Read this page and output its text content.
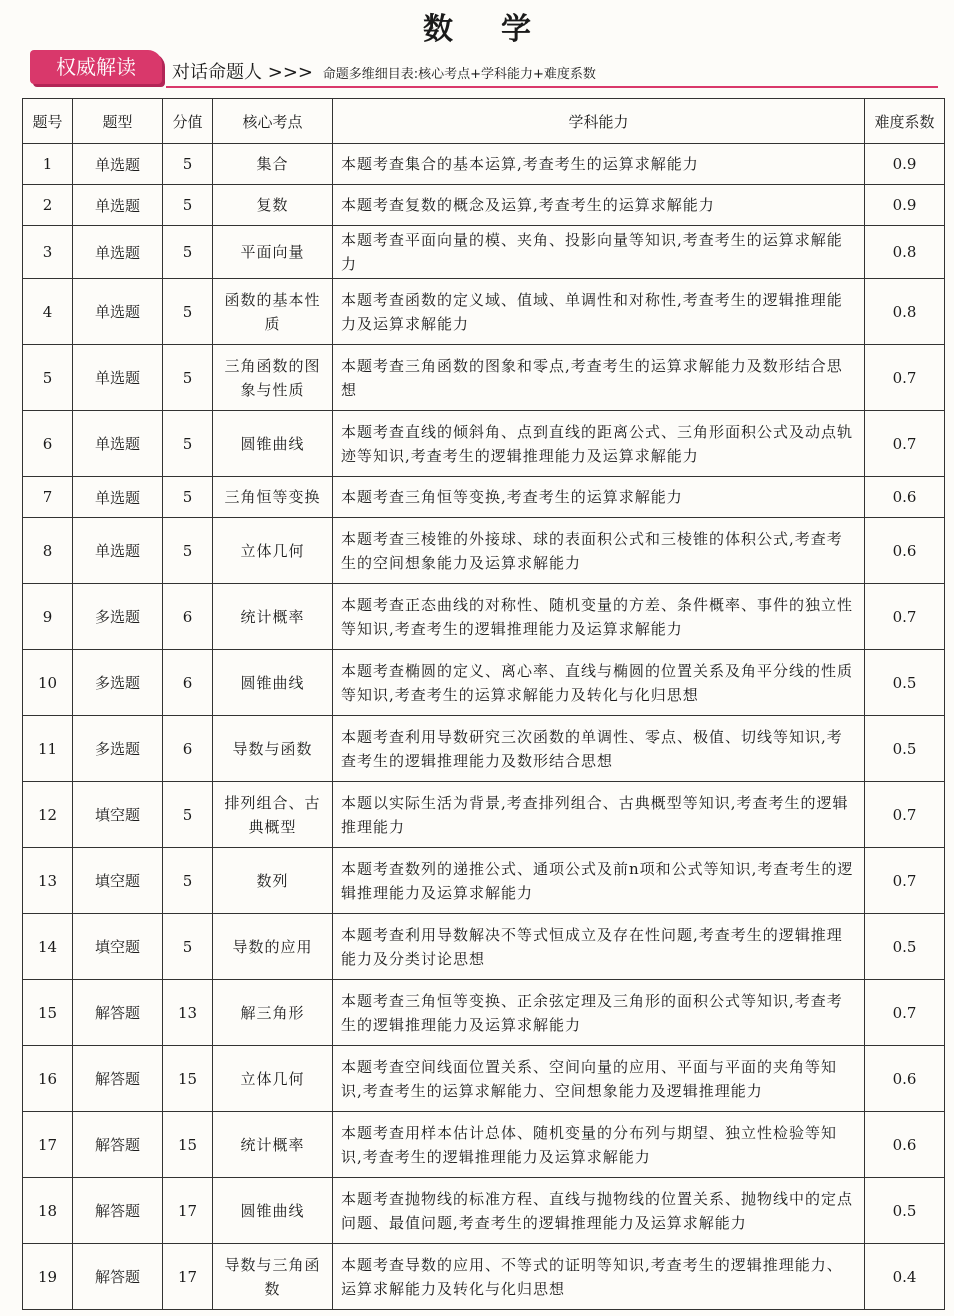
数学
权威解读	对话命题人 >>> 命题多维细目表:核心考点+学科能力+难度系数
题号	题型	分值	核心考点	学科能力	难度系数
1	单选题	5	集合	本题考查集合的基本运算,考查考生的运算求解能力	0.9
2	单选题	5	复数	本题考查复数的概念及运算,考查考生的运算求解能力	0.9
3	单选题	5	平面向量	本题考查平面向量的模、夹角、投影向量等知识,考查考生的运算求解能力	0.8
4	单选题	5	函数的基本性质	本题考查函数的定义域、值域、单调性和对称性,考查考生的逻辑推理能力及运算求解能力	0.8
5	单选题	5	三角函数的图象与性质	本题考查三角函数的图象和零点,考查考生的运算求解能力及数形结合思想	0.7
6	单选题	5	圆锥曲线	本题考查直线的倾斜角、点到直线的距离公式、三角形面积公式及动点轨迹等知识,考查考生的逻辑推理能力及运算求解能力	0.7
7	单选题	5	三角恒等变换	本题考查三角恒等变换,考查考生的运算求解能力	0.6
8	单选题	5	立体几何	本题考查三棱锥的外接球、球的表面积公式和三棱锥的体积公式,考查考生的空间想象能力及运算求解能力	0.6
9	多选题	6	统计概率	本题考查正态曲线的对称性、随机变量的方差、条件概率、事件的独立性等知识,考查考生的逻辑推理能力及运算求解能力	0.7
10	多选题	6	圆锥曲线	本题考查椭圆的定义、离心率、直线与椭圆的位置关系及角平分线的性质等知识,考查考生的运算求解能力及转化与化归思想	0.5
11	多选题	6	导数与函数	本题考查利用导数研究三次函数的单调性、零点、极值、切线等知识,考查考生的逻辑推理能力及数形结合思想	0.5
12	填空题	5	排列组合、古典概型	本题以实际生活为背景,考查排列组合、古典概型等知识,考查考生的逻辑推理能力	0.7
13	填空题	5	数列	本题考查数列的递推公式、通项公式及前n项和公式等知识,考查考生的逻辑推理能力及运算求解能力	0.7
14	填空题	5	导数的应用	本题考查利用导数解决不等式恒成立及存在性问题,考查考生的逻辑推理能力及分类讨论思想	0.5
15	解答题	13	解三角形	本题考查三角恒等变换、正余弦定理及三角形的面积公式等知识,考查考生的逻辑推理能力及运算求解能力	0.7
16	解答题	15	立体几何	本题考查空间线面位置关系、空间向量的应用、平面与平面的夹角等知识,考查考生的运算求解能力、空间想象能力及逻辑推理能力	0.6
17	解答题	15	统计概率	本题考查用样本估计总体、随机变量的分布列与期望、独立性检验等知识,考查考生的逻辑推理能力及运算求解能力	0.6
18	解答题	17	圆锥曲线	本题考查抛物线的标准方程、直线与抛物线的位置关系、抛物线中的定点问题、最值问题,考查考生的逻辑推理能力及运算求解能力	0.5
19	解答题	17	导数与三角函数	本题考查导数的应用、不等式的证明等知识,考查考生的逻辑推理能力、运算求解能力及转化与化归思想	0.4
